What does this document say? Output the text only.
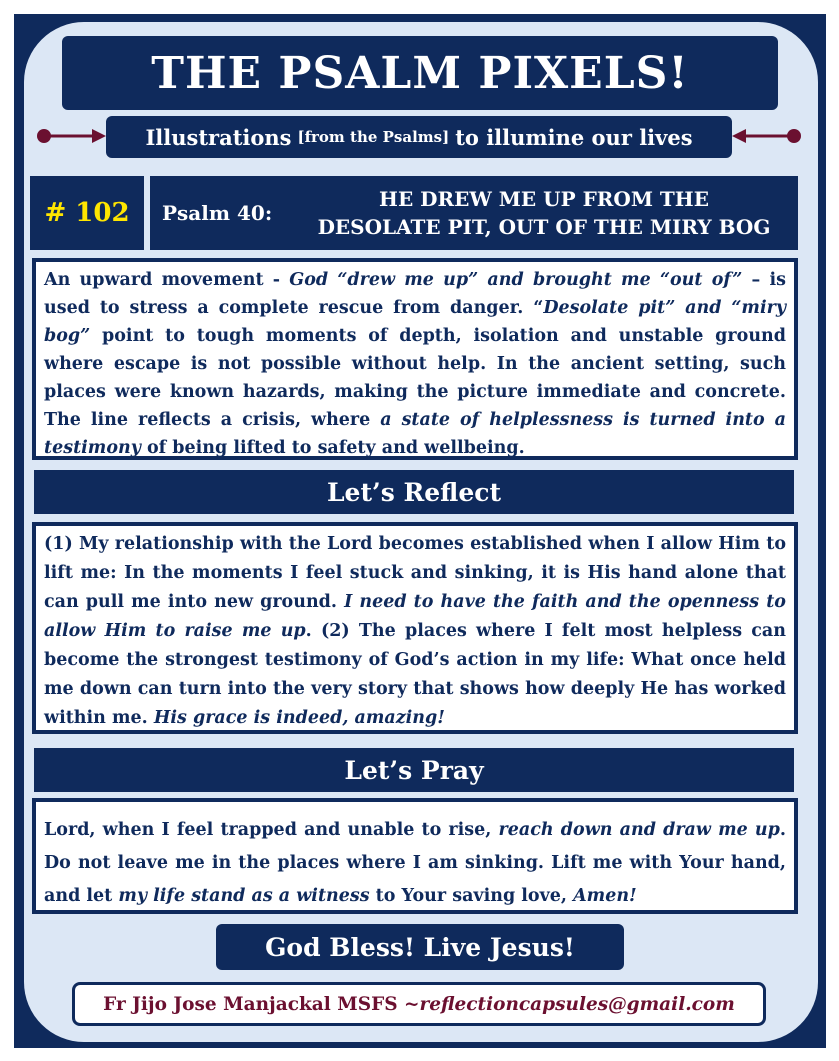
THE PSALM PIXELS!
Illustrations [from the Psalms] to illumine our lives
# 102 Psalm 40:
HE DREW ME UP FROM THE
DESOLATE PIT, OUT OF THE MIRY BOG
An upward movement - God “drew me up” and brought me “out of” – is used to stress a complete rescue from danger. “Desolate pit” and “miry bog” point to tough moments of depth, isolation and unstable ground where escape is not possible without help. In the ancient setting, such places were known hazards, making the picture immediate and concrete. The line reflects a crisis, where a state of helplessness is turned into a testimony of being lifted to safety and wellbeing.
Let’s Reflect
(1) My relationship with the Lord becomes established when I allow Him to lift me: In the moments I feel stuck and sinking, it is His hand alone that can pull me into new ground. I need to have the faith and the openness to allow Him to raise me up. (2) The places where I felt most helpless can become the strongest testimony of God’s action in my life: What once held me down can turn into the very story that shows how deeply He has worked within me. His grace is indeed, amazing!
Let’s Pray
Lord, when I feel trapped and unable to rise, reach down and draw me up. Do not leave me in the places where I am sinking. Lift me with Your hand, and let my life stand as a witness to Your saving love, Amen!
God Bless! Live Jesus!
Fr Jijo Jose Manjackal MSFS ~ reflectioncapsules@gmail.com
